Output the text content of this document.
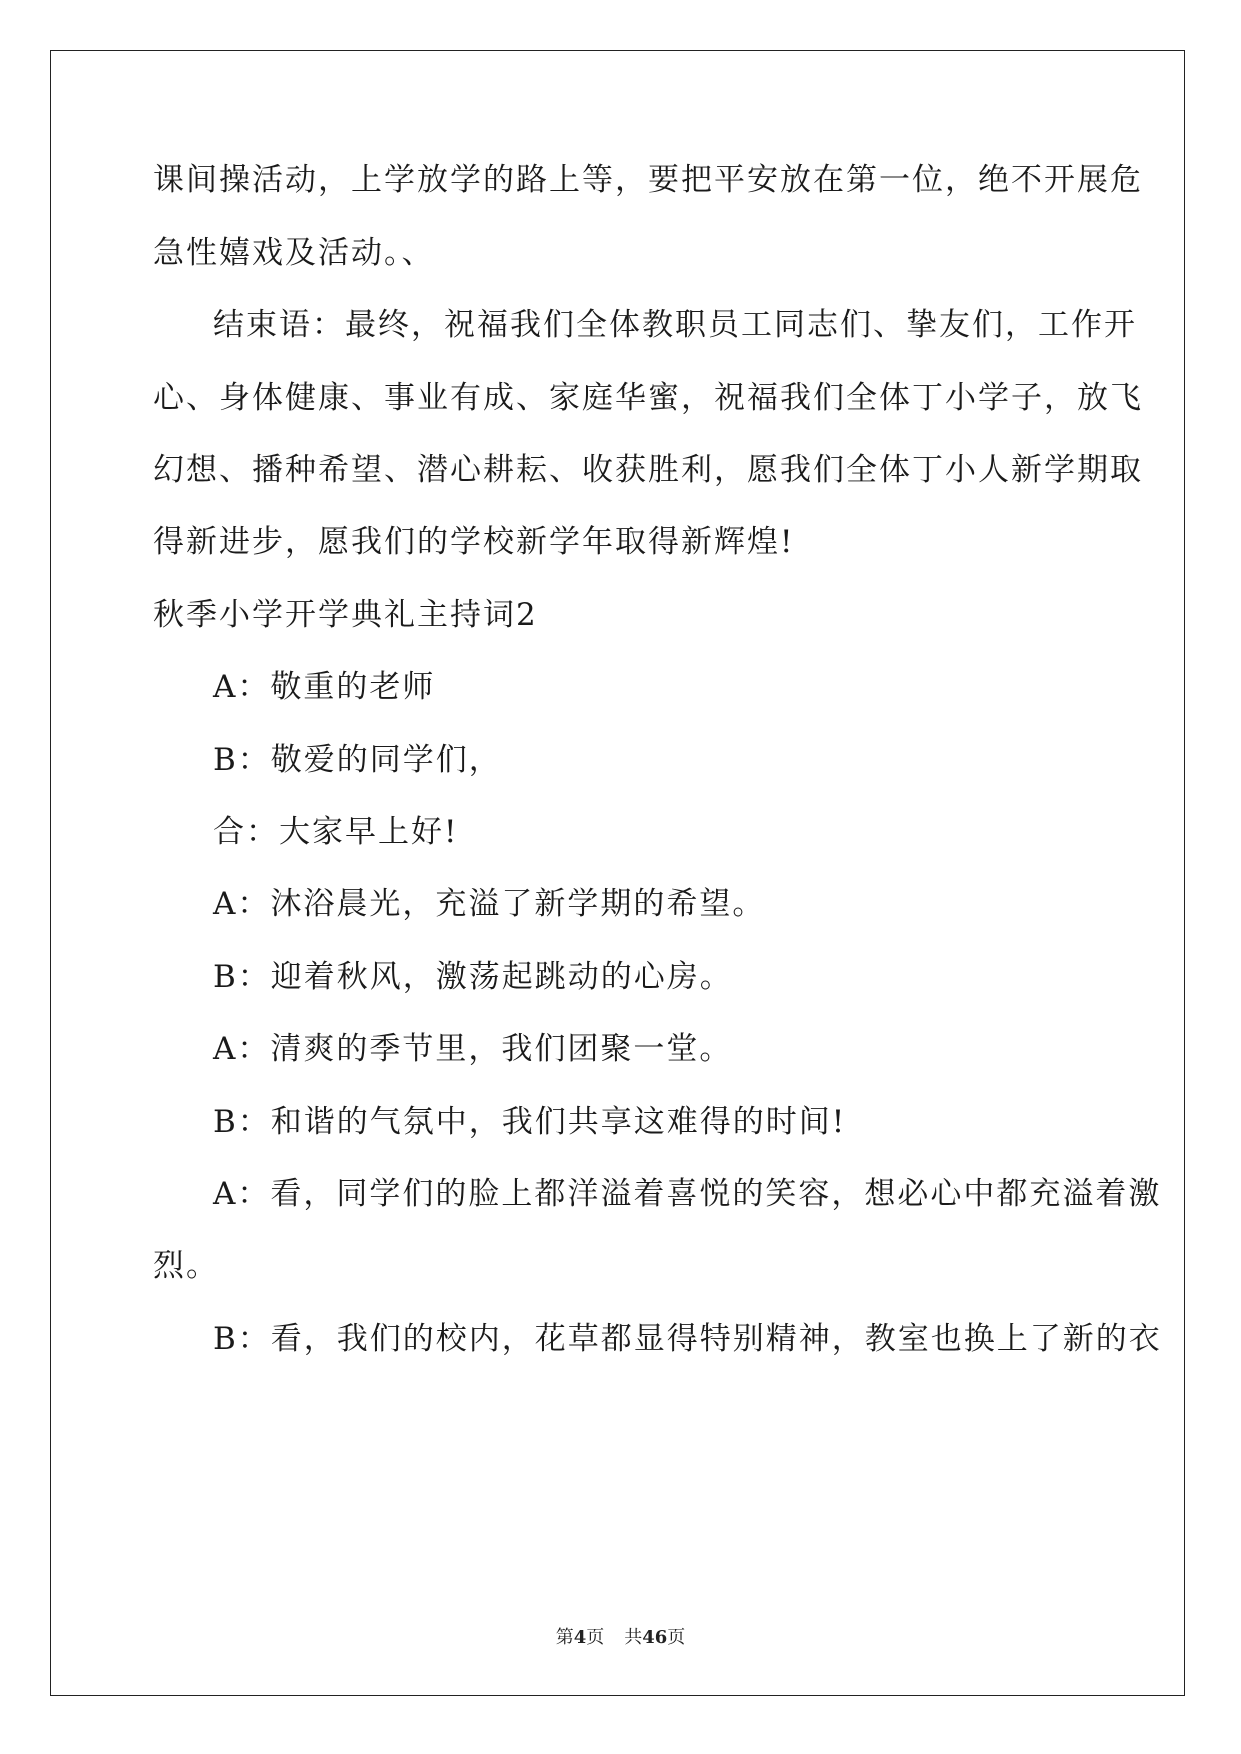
课间操活动，上学放学的路上等，要把平安放在第一位，绝不开展危
急性嬉戏及活动。、
结束语：最终，祝福我们全体教职员工同志们、挚友们，工作开
心、身体健康、事业有成、家庭华蜜，祝福我们全体丁小学子，放飞
幻想、播种希望、潜心耕耘、收获胜利，愿我们全体丁小人新学期取
得新进步，愿我们的学校新学年取得新辉煌!
秋季小学开学典礼主持词2
A：敬重的老师
B：敬爱的同学们，
合：大家早上好!
A：沐浴晨光，充溢了新学期的希望。
B：迎着秋风，激荡起跳动的心房。
A：清爽的季节里，我们团聚一堂。
B：和谐的气氛中，我们共享这难得的时间!
A：看，同学们的脸上都洋溢着喜悦的笑容，想必心中都充溢着激
烈。
B：看，我们的校内，花草都显得特别精神，教室也换上了新的衣
第4页 共46页
